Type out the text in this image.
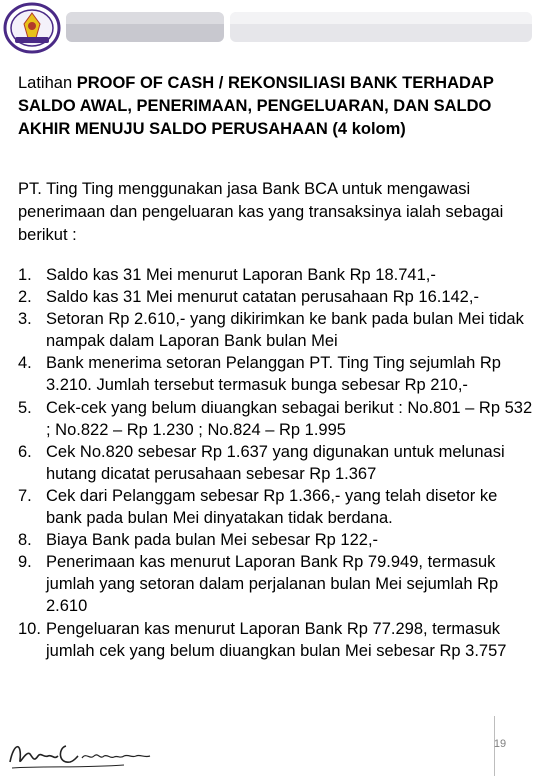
Latihan PROOF OF CASH / REKONSILIASI BANK TERHADAP SALDO AWAL, PENERIMAAN, PENGELUARAN, DAN SALDO AKHIR MENUJU SALDO PERUSAHAAN (4 kolom)
PT. Ting Ting menggunakan jasa Bank BCA untuk mengawasi penerimaan dan pengeluaran kas yang transaksinya ialah sebagai berikut :
1. Saldo kas 31 Mei menurut Laporan Bank Rp 18.741,-
2. Saldo kas 31 Mei menurut catatan perusahaan Rp 16.142,-
3. Setoran Rp 2.610,- yang dikirimkan ke bank pada bulan Mei tidak nampak dalam Laporan Bank bulan Mei
4. Bank menerima setoran Pelanggan PT. Ting Ting sejumlah Rp 3.210. Jumlah tersebut termasuk bunga sebesar Rp 210,-
5. Cek-cek yang belum diuangkan sebagai berikut : No.801 – Rp 532 ; No.822 – Rp 1.230 ; No.824 – Rp 1.995
6. Cek No.820 sebesar Rp 1.637 yang digunakan untuk melunasi hutang dicatat perusahaan sebesar Rp 1.367
7. Cek dari Pelanggam sebesar Rp 1.366,- yang telah disetor ke bank pada bulan Mei dinyatakan tidak berdana.
8. Biaya Bank pada bulan Mei sebesar Rp 122,-
9. Penerimaan kas menurut Laporan Bank Rp 79.949, termasuk jumlah yang setoran dalam perjalanan bulan Mei sejumlah Rp 2.610
10. Pengeluaran kas menurut Laporan Bank Rp 77.298, termasuk jumlah cek yang belum diuangkan bulan Mei sebesar Rp 3.757
19
